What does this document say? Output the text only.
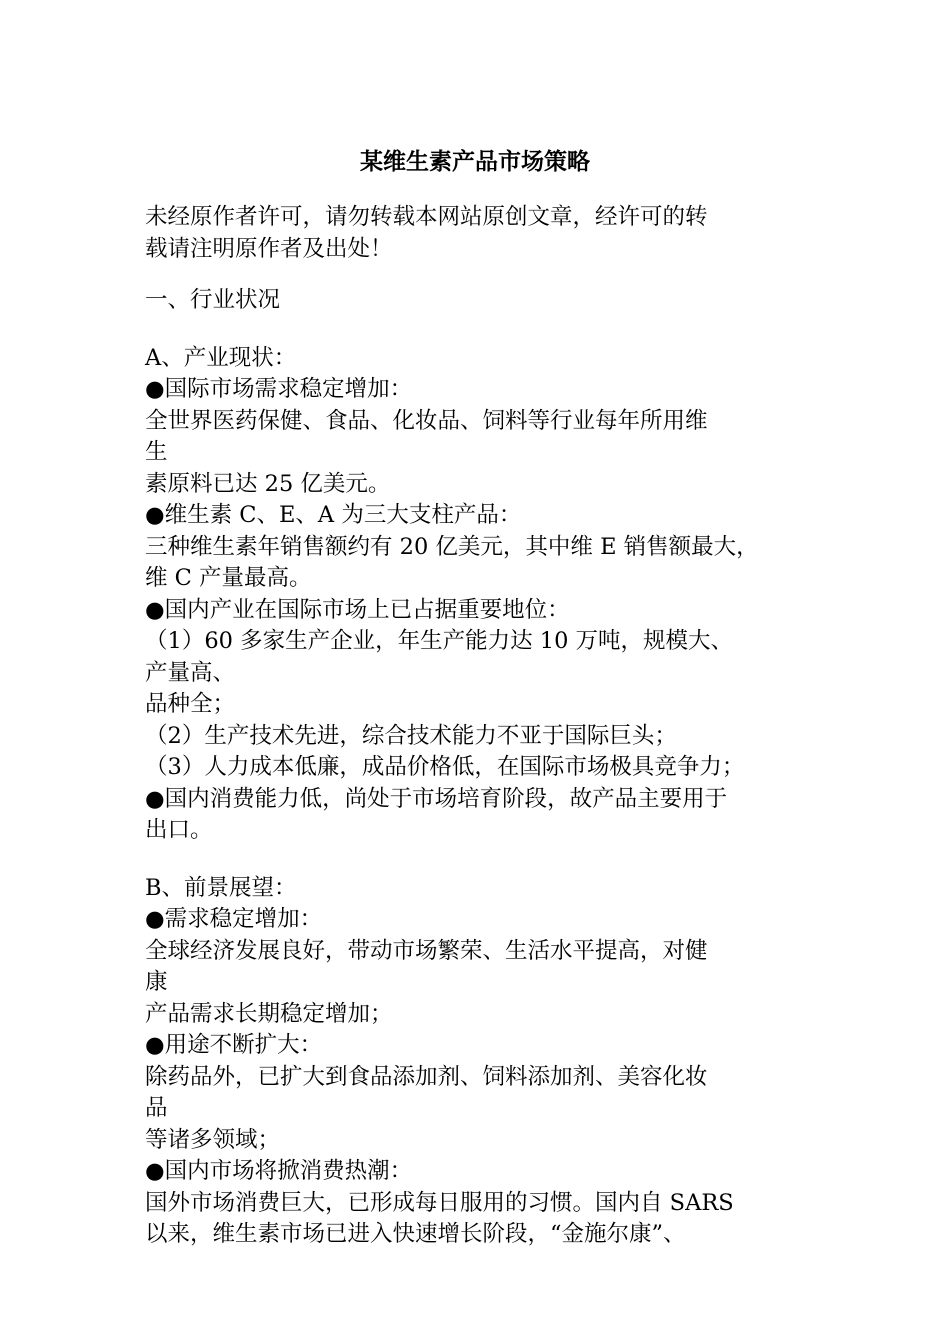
某维生素产品市场策略
未经原作者许可，请勿转载本网站原创文章，经许可的转
载请注明原作者及出处！
一、行业状况
A、产业现状：
●国际市场需求稳定增加：
全世界医药保健、食品、化妆品、饲料等行业每年所用维
生
素原料已达 25 亿美元。
●维生素 C、E、A 为三大支柱产品：
三种维生素年销售额约有 20 亿美元，其中维 E 销售额最大，
维 C 产量最高。
●国内产业在国际市场上已占据重要地位：
（1）60 多家生产企业，年生产能力达 10 万吨，规模大、
产量高、
品种全；
（2）生产技术先进，综合技术能力不亚于国际巨头；
（3）人力成本低廉，成品价格低，在国际市场极具竞争力；
●国内消费能力低，尚处于市场培育阶段，故产品主要用于
出口。
B、前景展望：
●需求稳定增加：
全球经济发展良好，带动市场繁荣、生活水平提高，对健
康
产品需求长期稳定增加；
●用途不断扩大：
除药品外，已扩大到食品添加剂、饲料添加剂、美容化妆
品
等诸多领域；
●国内市场将掀消费热潮：
国外市场消费巨大，已形成每日服用的习惯。国内自 SARS
以来，维生素市场已进入快速增长阶段，“金施尔康”、
